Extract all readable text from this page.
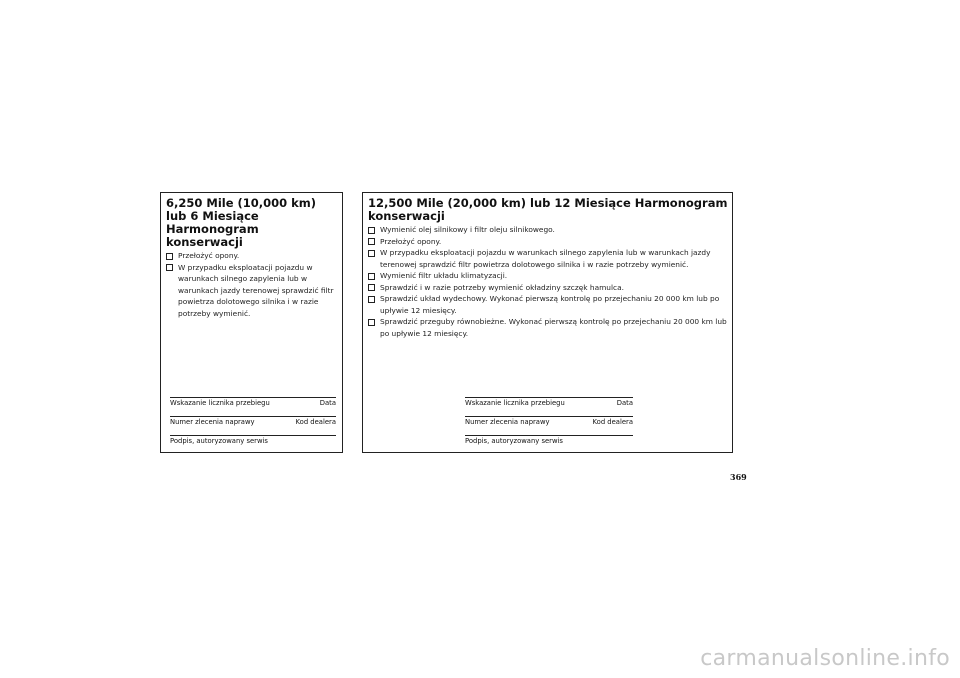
6,250 Mile (10,000 km) lub 6 Miesiące Harmonogram konserwacji
Przełożyć opony.
W przypadku eksploatacji pojazdu w warunkach silnego zapylenia lub w warunkach jazdy terenowej sprawdzić filtr powietrza dolotowego silnika i w razie potrzeby wymienić.
Wskazanie licznika przebiegu	Data
Numer zlecenia naprawy	Kod dealera
Podpis, autoryzowany serwis
12,500 Mile (20,000 km) lub 12 Miesiące Harmonogram konserwacji
Wymienić olej silnikowy i filtr oleju silnikowego.
Przełożyć opony.
W przypadku eksploatacji pojazdu w warunkach silnego zapylenia lub w warunkach jazdy terenowej sprawdzić filtr powietrza dolotowego silnika i w razie potrzeby wymienić.
Wymienić filtr układu klimatyzacji.
Sprawdzić i w razie potrzeby wymienić okładziny szczęk hamulca.
Sprawdzić układ wydechowy. Wykonać pierwszą kontrolę po przejechaniu 20 000 km lub po upływie 12 miesięcy.
Sprawdzić przeguby równobieżne. Wykonać pierwszą kontrolę po przejechaniu 20 000 km lub po upływie 12 miesięcy.
Wskazanie licznika przebiegu	Data
Numer zlecenia naprawy	Kod dealera
Podpis, autoryzowany serwis
369
carmanualsonline.info
